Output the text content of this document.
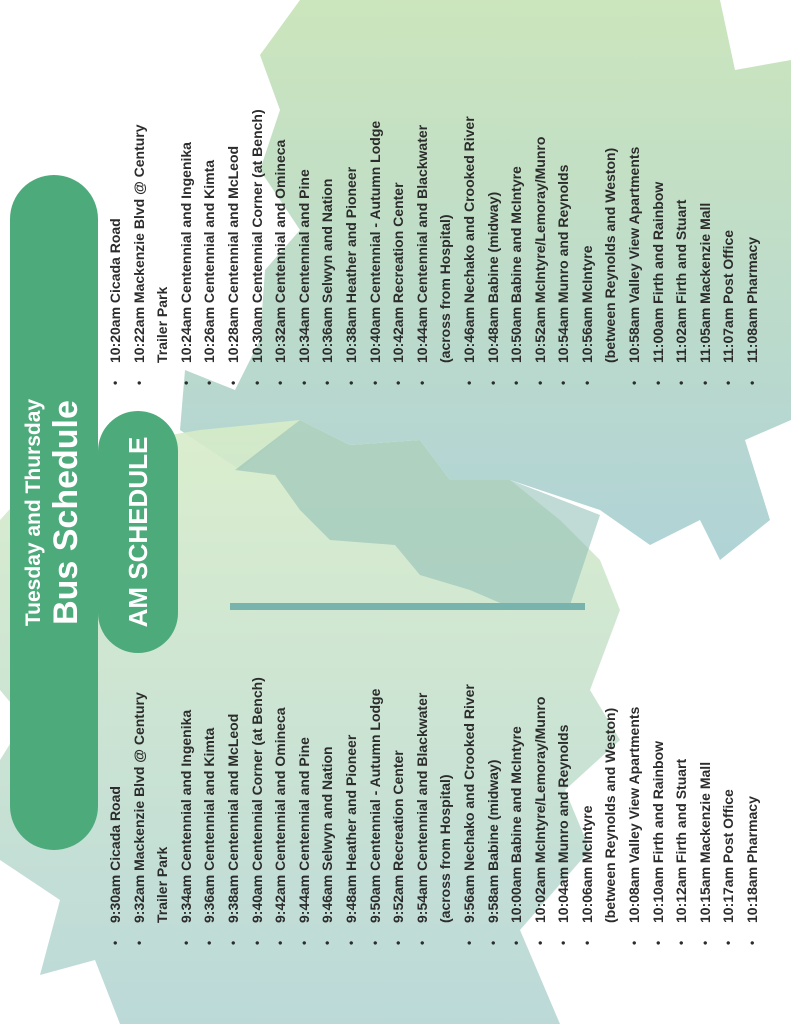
Tuesday and Thursday Bus Schedule	AM SCHEDULE
• 9:30am Cicada Road • 9:32am Mackenzie Blvd @ Century Trailer Park • 9:34am Centennial and Ingenika • 9:36am Centennial and Kimta • 9:38am Centennial and McLeod • 9:40am Centennial Corner (at Bench) • 9:42am Centennial and Omineca • 9:44am Centennial and Pine • 9:46am Selwyn and Nation • 9:48am Heather and Pioneer • 9:50am Centennial - Autumn Lodge • 9:52am Recreation Center • 9:54am Centennial and Blackwater (across from Hospital) • 9:56am Nechako and Crooked River • 9:58am Babine (midway) • 10:00am Babine and McIntyre • 10:02am McIntyre/Lemoray/Munro • 10:04am Munro and Reynolds • 10:06am McIntyre (between Reynolds and Weston) • 10:08am Valley View Apartments • 10:10am Firth and Rainbow • 10:12am Firth and Stuart • 10:15am Mackenzie Mall • 10:17am Post Office • 10:18am Pharmacy
• 10:20am Cicada Road • 10:22am Mackenzie Blvd @ Century Trailer Park • 10:24am Centennial and Ingenika • 10:26am Centennial and Kimta • 10:28am Centennial and McLeod • 10:30am Centennial Corner (at Bench) • 10:32am Centennial and Omineca • 10:34am Centennial and Pine • 10:36am Selwyn and Nation • 10:38am Heather and Pioneer • 10:40am Centennial - Autumn Lodge • 10:42am Recreation Center • 10:44am Centennial and Blackwater (across from Hospital) • 10:46am Nechako and Crooked River • 10:48am Babine (midway) • 10:50am Babine and McIntyre • 10:52am McIntyre/Lemoray/Munro • 10:54am Munro and Reynolds • 10:56am McIntyre (between Reynolds and Weston) • 10:58am Valley View Apartments • 11:00am Firth and Rainbow • 11:02am Firth and Stuart • 11:05am Mackenzie Mall • 11:07am Post Office • 11:08am Pharmacy
